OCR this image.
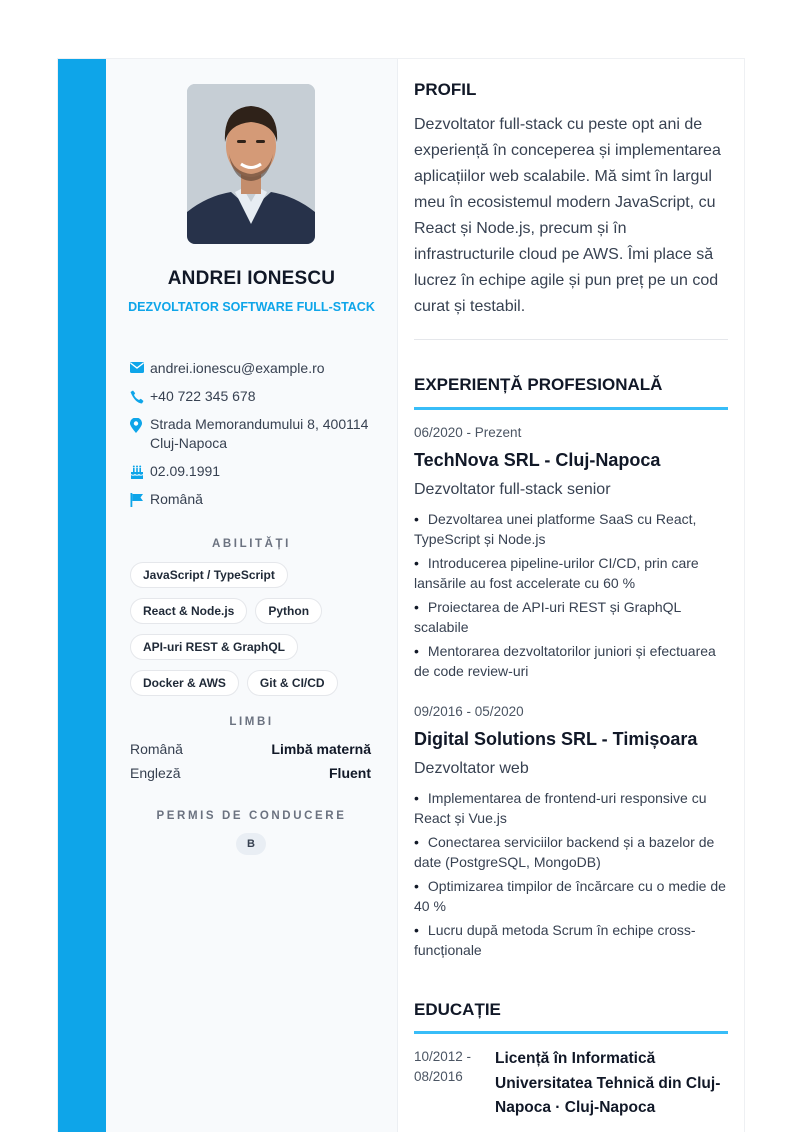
ANDREI IONESCU
DEZVOLTATOR SOFTWARE FULL-STACK
andrei.ionescu@example.ro
+40 722 345 678
Strada Memorandumului 8, 400114 Cluj-Napoca
02.09.1991
Română
ABILITĂȚI
JavaScript / TypeScript
React & Node.js	Python
API-uri REST & GraphQL
Docker & AWS	Git & CI/CD
LIMBI
Română	Limbă maternă
Engleză	Fluent
PERMIS DE CONDUCERE
B
PROFIL
Dezvoltator full-stack cu peste opt ani de experiență în conceperea și implementarea aplicațiilor web scalabile. Mă simt în largul meu în ecosistemul modern JavaScript, cu React și Node.js, precum și în infrastructurile cloud pe AWS. Îmi place să lucrez în echipe agile și pun preț pe un cod curat și testabil.
EXPERIENȚĂ PROFESIONALĂ
06/2020 - Prezent
TechNova SRL - Cluj-Napoca
Dezvoltator full-stack senior
• Dezvoltarea unei platforme SaaS cu React, TypeScript și Node.js
• Introducerea pipeline-urilor CI/CD, prin care lansările au fost accelerate cu 60 %
• Proiectarea de API-uri REST și GraphQL scalabile
• Mentorarea dezvoltatorilor juniori și efectuarea de code review-uri
09/2016 - 05/2020
Digital Solutions SRL - Timișoara
Dezvoltator web
• Implementarea de frontend-uri responsive cu React și Vue.js
• Conectarea serviciilor backend și a bazelor de date (PostgreSQL, MongoDB)
• Optimizarea timpilor de încărcare cu o medie de 40 %
• Lucru după metoda Scrum în echipe cross-funcționale
EDUCAȚIE
10/2012 - 08/2016
Licență în Informatică
Universitatea Tehnică din Cluj-Napoca · Cluj-Napoca
